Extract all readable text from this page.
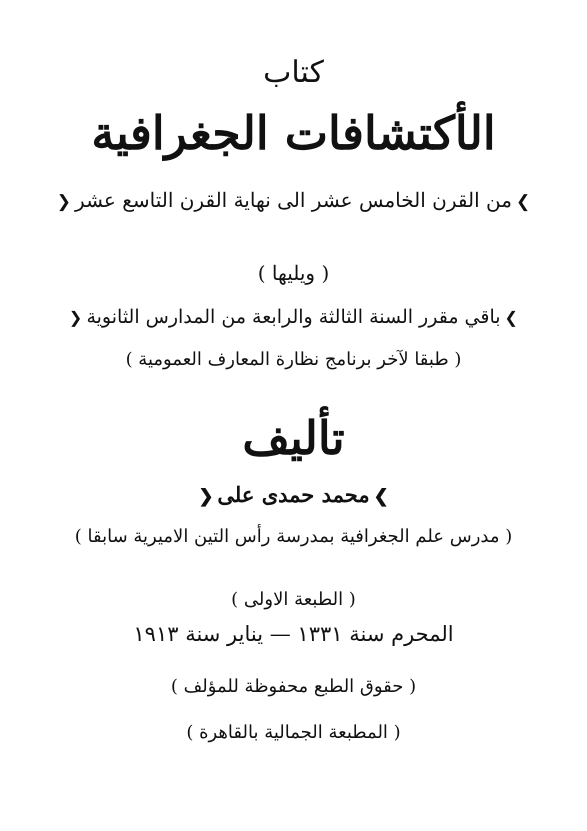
كتاب
الأكتشافات الجغرافية
❯من القرن الخامس عشر الى نهاية القرن التاسع عشر❮
( ويليها )
❯باقي مقرر السنة الثالثة والرابعة من المدارس الثانوية❮
( طبقا لآخر برنامج نظارة المعارف العمومية )
تأليف
❯محمد حمدى على❮
( مدرس علم الجغرافية بمدرسة رأس التين الاميرية سابقا )
( الطبعة الاولى )
المحرم سنة ١٣٣١ — يناير سنة ١٩١٣
( حقوق الطبع محفوظة للمؤلف )
( المطبعة الجمالية بالقاهرة )
